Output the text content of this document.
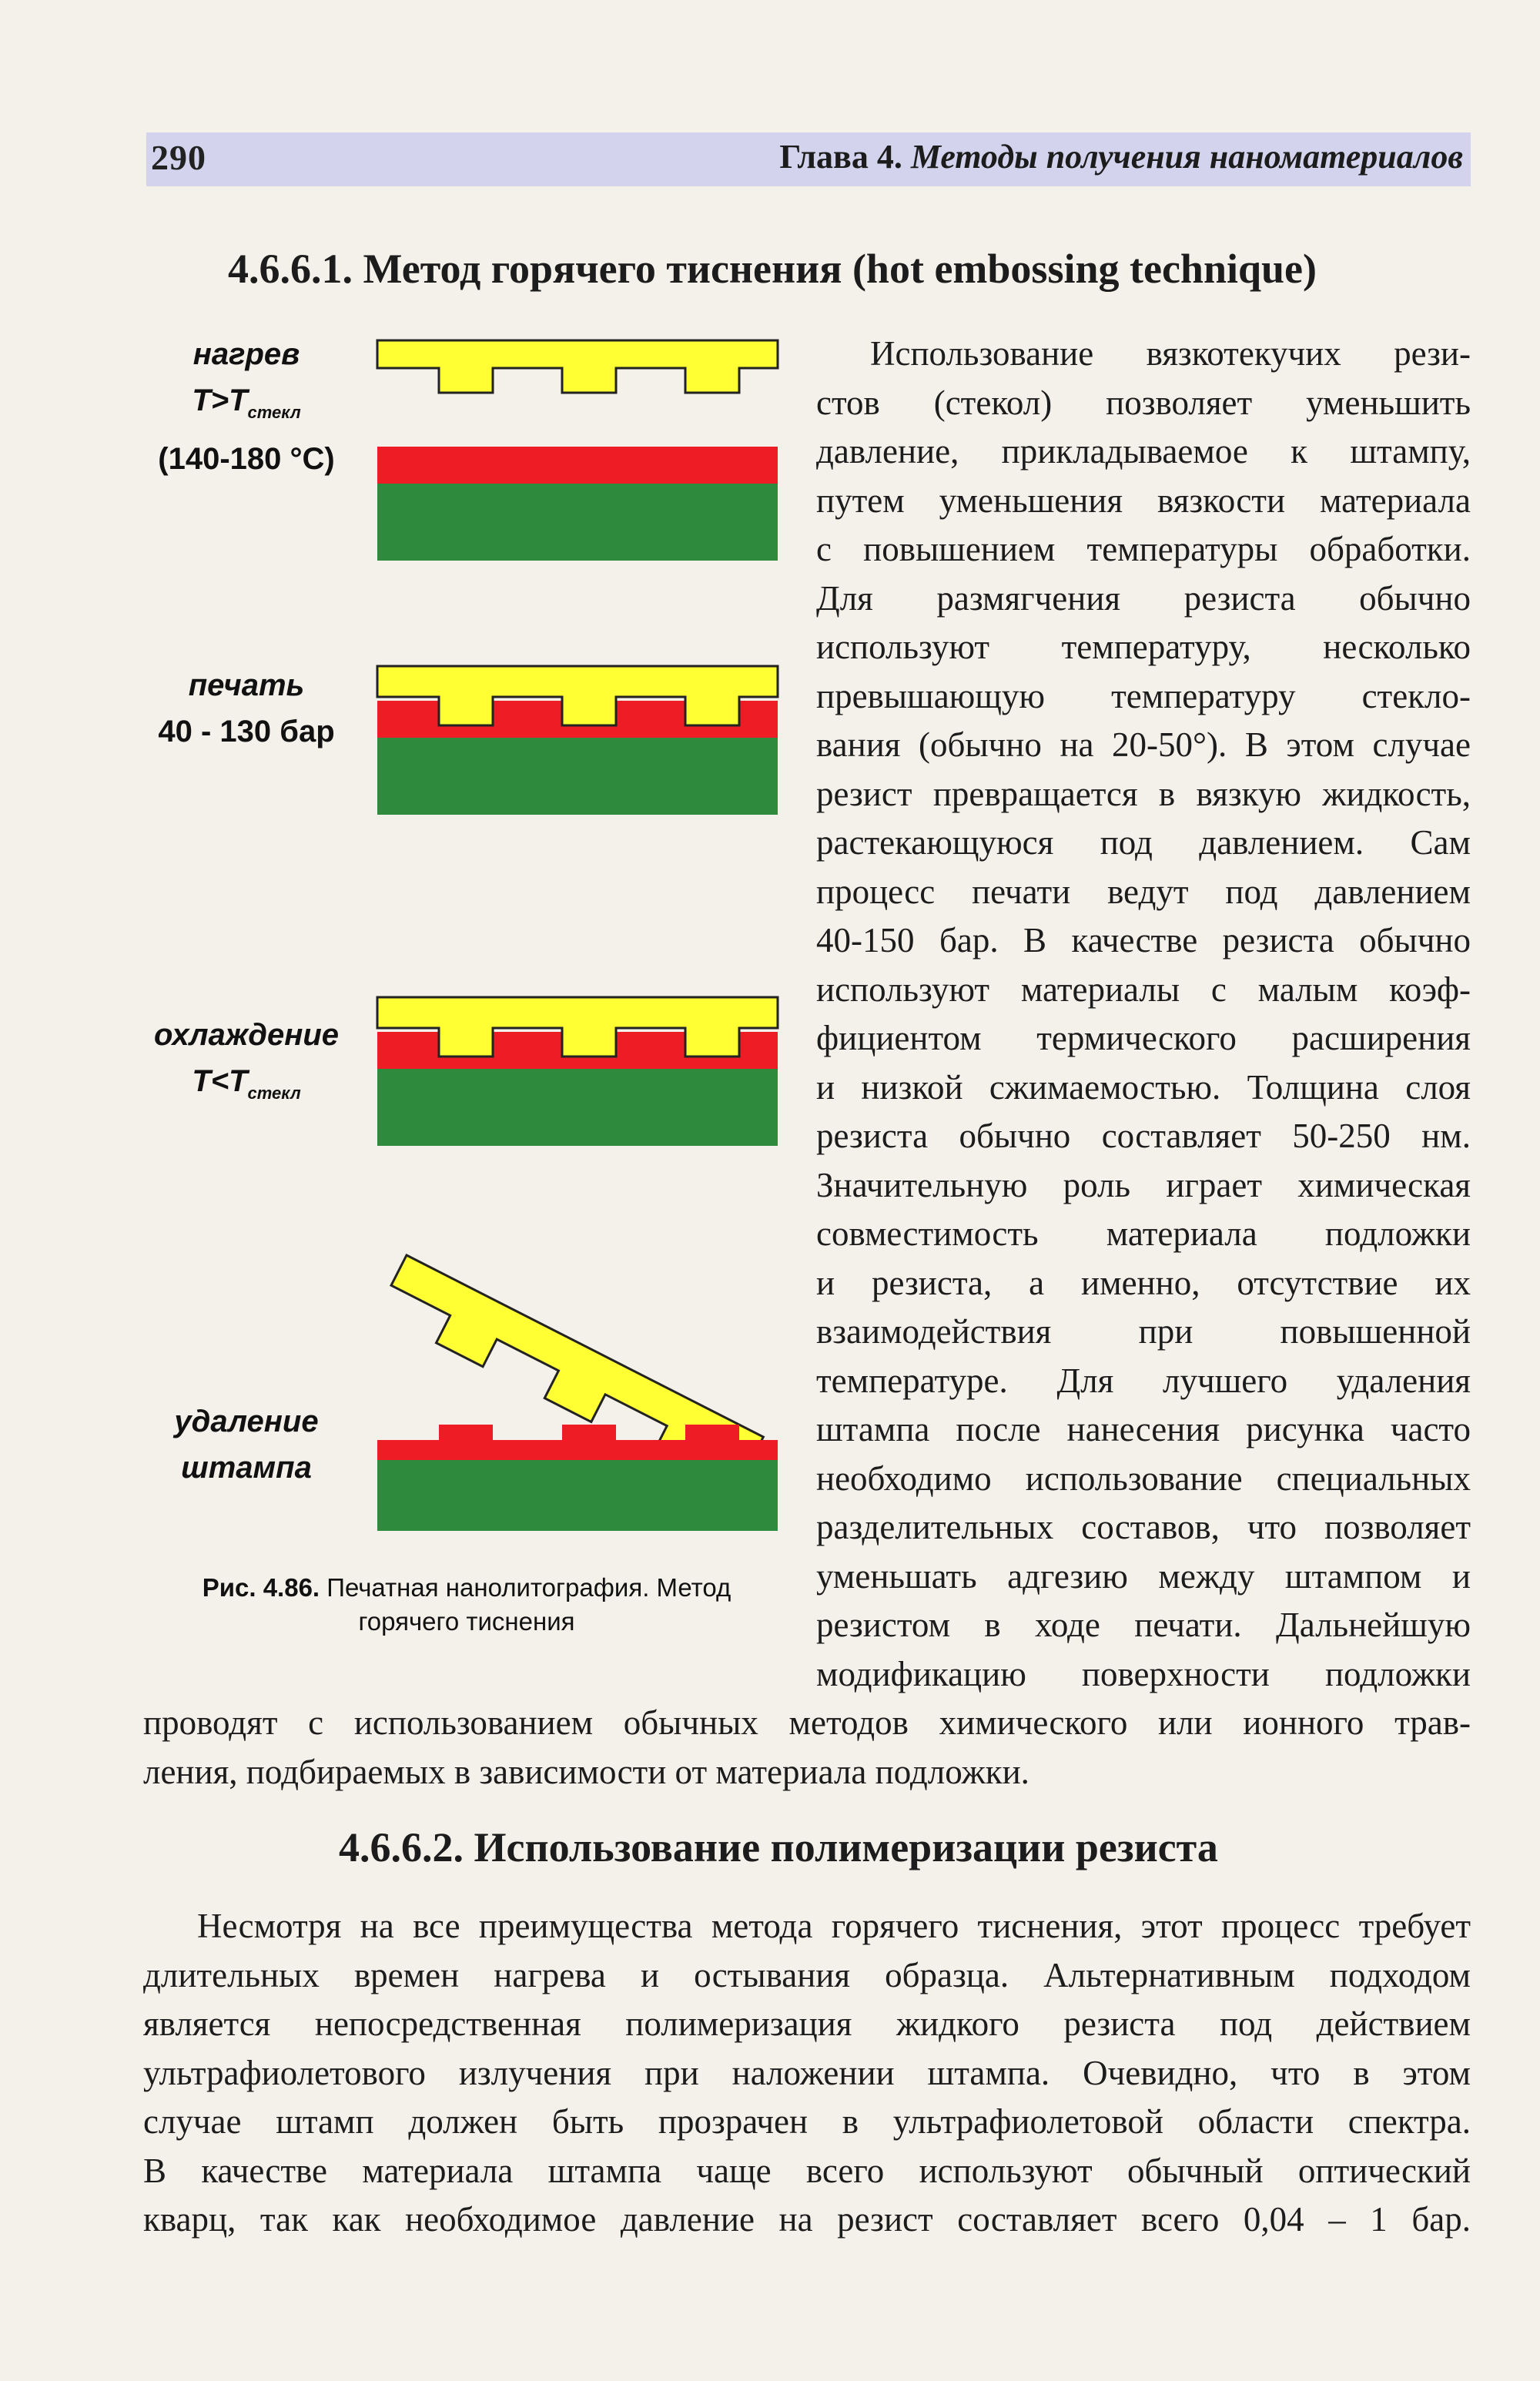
290	Глава 4. Методы получения наноматериалов
4.6.6.1. Метод горячего тиснения (hot embossing technique)
нагрев
$T>T_{стекл}$
(140-180 °C)
печать
40 - 130 бар
охлаждение
$T<T_{стекл}$
удаление
штампа
Рис. 4.86. Печатная нанолитография. Метод
горячего тиснения
Использование вязкотекучих рези-
стов (стекол) позволяет уменьшить
давление, прикладываемое к штампу,
путем уменьшения вязкости материала
с повышением температуры обработки.
Для размягчения резиста обычно
используют температуру, несколько
превышающую температуру стекло-
вания (обычно на 20-50°). В этом случае
резист превращается в вязкую жидкость,
растекающуюся под давлением. Сам
процесс печати ведут под давлением
40-150 бар. В качестве резиста обычно
используют материалы с малым коэф-
фициентом термического расширения
и низкой сжимаемостью. Толщина слоя
резиста обычно составляет 50-250 нм.
Значительную роль играет химическая
совместимость материала подложки
и резиста, а именно, отсутствие их
взаимодействия при повышенной
температуре. Для лучшего удаления
штампа после нанесения рисунка часто
необходимо использование специальных
разделительных составов, что позволяет
уменьшать адгезию между штампом и
резистом в ходе печати. Дальнейшую
модификацию поверхности подложки
проводят с использованием обычных методов химического или ионного трав-
ления, подбираемых в зависимости от материала подложки.
4.6.6.2. Использование полимеризации резиста
Несмотря на все преимущества метода горячего тиснения, этот процесс требует
длительных времен нагрева и остывания образца. Альтернативным подходом
является непосредственная полимеризация жидкого резиста под действием
ультрафиолетового излучения при наложении штампа. Очевидно, что в этом
случае штамп должен быть прозрачен в ультрафиолетовой области спектра.
В качестве материала штампа чаще всего используют обычный оптический
кварц, так как необходимое давление на резист составляет всего 0,04 – 1 бар.
